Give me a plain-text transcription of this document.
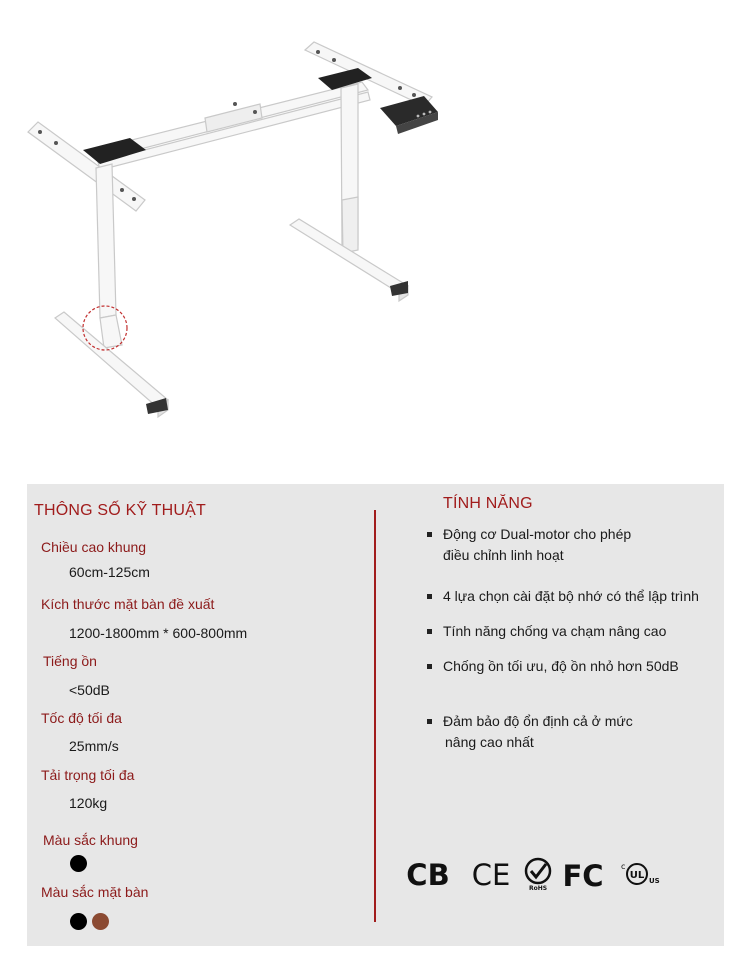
THÔNG SỐ KỸ THUẬT
Chiều cao khung
60cm-125cm
Kích thước mặt bàn đề xuất
1200-1800mm * 600-800mm
Tiếng ồn
<50dB
Tốc độ tối đa
25mm/s
Tải trọng tối đa
120kg
Màu sắc khung
Màu sắc mặt bàn
TÍNH NĂNG
Động cơ Dual-motor cho phép
điều chỉnh linh hoạt
4 lựa chọn cài đặt bộ nhớ có thể lập trình
Tính năng chống va chạm nâng cao
Chống ồn tối ưu, độ ồn nhỏ hơn 50dB
Đảm bảo độ ổn định cả ở mức
nâng cao nhất
CB CE	RoHS FC c
UL US
